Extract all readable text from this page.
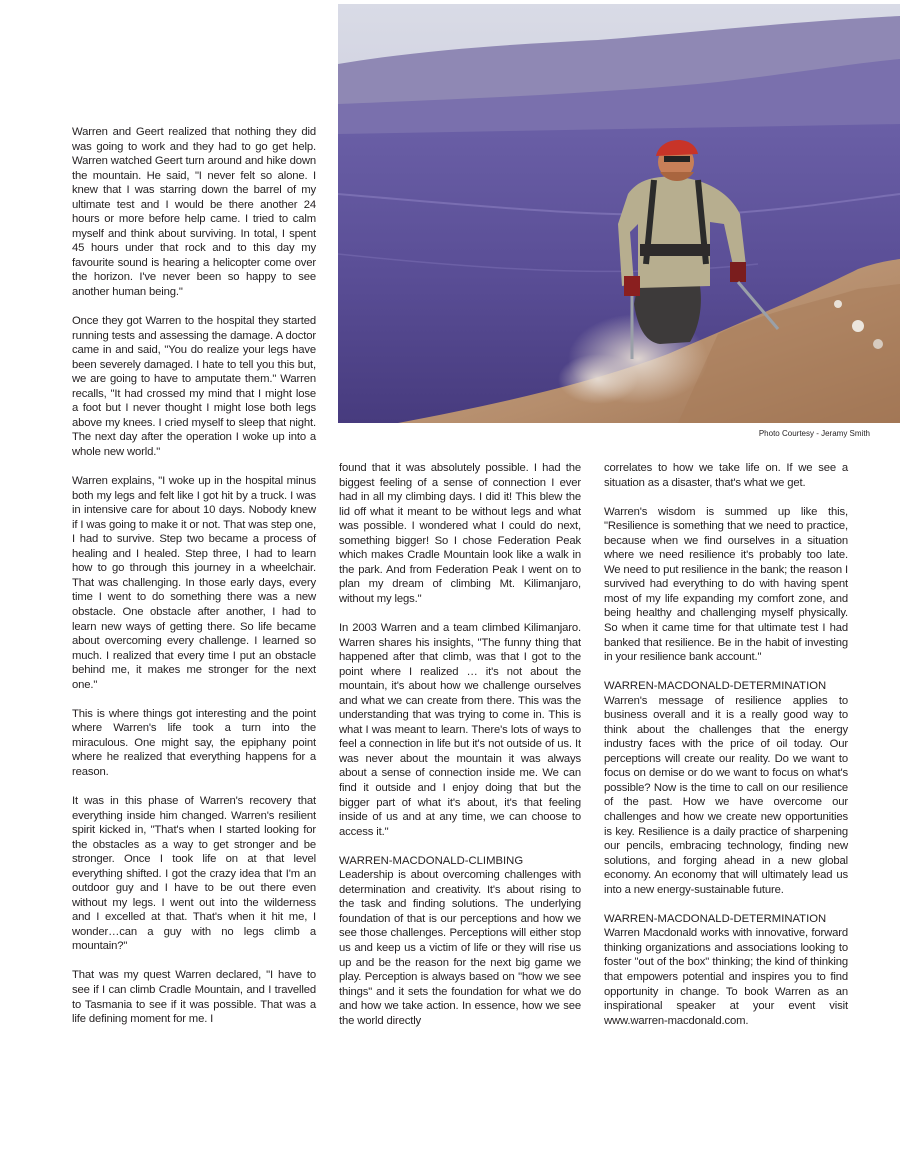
Photo Courtesy - Jeramy Smith

Warren and Geert realized that nothing they did was going to work and they had to go get help. Warren watched Geert turn around and hike down the mountain. He said, "I never felt so alone. I knew that I was starring down the barrel of my ultimate test and I would be there another 24 hours or more before help came. I tried to calm myself and think about surviving. In total, I spent 45 hours under that rock and to this day my favourite sound is hearing a helicopter come over the horizon. I've never been so happy to see another human being."

Once they got Warren to the hospital they started running tests and assessing the damage. A doctor came in and said, "You do realize your legs have been severely damaged. I hate to tell you this but, we are going to have to amputate them." Warren recalls, "It had crossed my mind that I might lose a foot but I never thought I might lose both legs above my knees. I cried myself to sleep that night. The next day after the operation I woke up into a whole new world."

Warren explains, "I woke up in the hospital minus both my legs and felt like I got hit by a truck. I was in intensive care for about 10 days. Nobody knew if I was going to make it or not. That was step one, I had to survive. Step two became a process of healing and I healed. Step three, I had to learn how to go through this journey in a wheelchair. That was challenging. In those early days, every time I went to do something there was a new obstacle. One obstacle after another, I had to learn new ways of getting there. So life became about overcoming every challenge. I learned so much. I realized that every time I put an obstacle behind me, it makes me stronger for the next one."

This is where things got interesting and the point where Warren's life took a turn into the miraculous. One might say, the epiphany point where he realized that everything happens for a reason.

It was in this phase of Warren's recovery that everything inside him changed. Warren's resilient spirit kicked in, "That's when I started looking for the obstacles as a way to get stronger and be stronger. Once I took life on at that level everything shifted. I got the crazy idea that I'm an outdoor guy and I have to be out there even without my legs. I went out into the wilderness and I excelled at that. That's when it hit me, I wonder…can a guy with no legs climb a mountain?"

That was my quest Warren declared, "I have to see if I can climb Cradle Mountain, and I travelled to Tasmania to see if it was possible. That was a life defining moment for me. I

found that it was absolutely possible. I had the biggest feeling of a sense of connection I ever had in all my climbing days. I did it! This blew the lid off what it meant to be without legs and what was possible. I wondered what I could do next, something bigger! So I chose Federation Peak which makes Cradle Mountain look like a walk in the park. And from Federation Peak I went on to plan my dream of climbing Mt. Kilimanjaro, without my legs."

In 2003 Warren and a team climbed Kilimanjaro. Warren shares his insights, "The funny thing that happened after that climb, was that I got to the point where I realized … it's not about the mountain, it's about how we challenge ourselves and what we can create from there. This was the understanding that was trying to come in. This is what I was meant to learn. There's lots of ways to feel a connection in life but it's not outside of us. It was never about the mountain it was always about a sense of connection inside me. We can find it outside and I enjoy doing that but the bigger part of what it's about, it's that feeling inside of us and at any time, we can choose to access it."

WARREN-MACDONALD-CLIMBING
Leadership is about overcoming challenges with determination and creativity. It's about rising to the task and finding solutions. The underlying foundation of that is our perceptions and how we see those challenges. Perceptions will either stop us and keep us a victim of life or they will rise us up and be the reason for the next big game we play. Perception is always based on "how we see things" and it sets the foundation for what we do and how we take action. In essence, how we see the world directly

correlates to how we take life on. If we see a situation as a disaster, that's what we get.

Warren's wisdom is summed up like this, "Resilience is something that we need to practice, because when we find ourselves in a situation where we need resilience it's probably too late. We need to put resilience in the bank; the reason I survived had everything to do with having spent most of my life expanding my comfort zone, and being healthy and challenging myself physically. So when it came time for that ultimate test I had banked that resilience. Be in the habit of investing in your resilience bank account."

WARREN-MACDONALD-DETERMINATION
Warren's message of resilience applies to business overall and it is a really good way to think about the challenges that the energy industry faces with the price of oil today. Our perceptions will create our reality. Do we want to focus on demise or do we want to focus on what's possible? Now is the time to call on our resilience of the past. How we have overcome our challenges and how we create new opportunities is key. Resilience is a daily practice of sharpening our pencils, embracing technology, finding new solutions, and forging ahead in a new global economy. An economy that will ultimately lead us into a new energy-sustainable future.

WARREN-MACDONALD-DETERMINATION
Warren Macdonald works with innovative, forward thinking organizations and associations looking to foster "out of the box" thinking; the kind of thinking that empowers potential and inspires you to find opportunity in change. To book Warren as an inspirational speaker at your event visit www.warren-macdonald.com.
